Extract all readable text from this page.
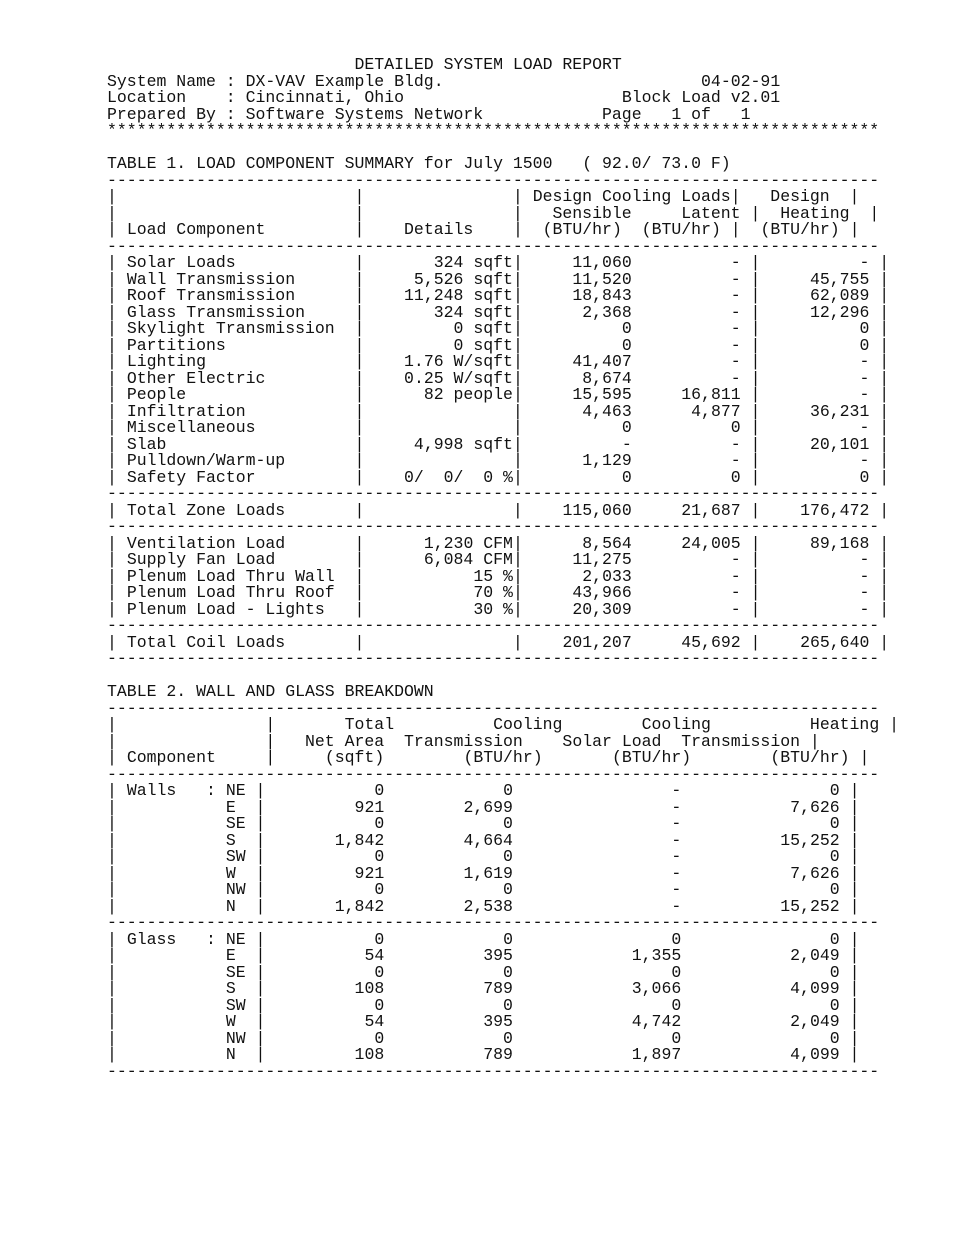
DETAILED SYSTEM LOAD REPORT
System Name : DX-VAV Example Bldg.	04-02-91
Location    : Cincinnati, Ohio	Block Load v2.01
Prepared By : Software Systems Network	Page 1 of 1
******************************************************************************
TABLE 1. LOAD COMPONENT SUMMARY for July 1500 ( 92.0/ 73.0 F)
------------------------------------------------------------------------------
|                        |               | Design Cooling Loads|   Design  |
|                        |               |   Sensible	Latent |  Heating  |
| Load Component	|    Details |  (BTU/hr) (BTU/hr) |  (BTU/hr) |
------------------------------------------------------------------------------
| Solar Loads	|	324 sqft|	11,060	- |	- |
| Wall Transmission	|	5,526 sqft|	11,520	- |	45,755 |
| Roof Transmission	| 11,248 sqft|	18,843	- |	62,089 |
| Glass Transmission	|	324 sqft|	2,368	- |	12,296 |
| Skylight Transmission |	0 sqft|	0	- |	0 |
| Partitions	|	0 sqft|	0	- |	0 |
| Lighting	| 1.76 W/sqft|	41,407	- |	- |
| Other Electric	| 0.25 W/sqft|	8,674	- |	- |
| People	|	82 people|	15,595	16,811 |	- |
| Infiltration	|	|	4,463	4,877 |	36,231 |
| Miscellaneous	|	|	0	0 |	- |
| Slab	|	4,998 sqft|	-	- |	20,101 |
| Pulldown/Warm-up	|	|	1,129	- |	- |
| Safety Factor	| 0/  0/  0 %|	0	0 |	0 |
------------------------------------------------------------------------------
| Total Zone Loads	|               | 115,060	21,687 | 176,472 |
------------------------------------------------------------------------------
| Ventilation Load	|	1,230 CFM|	8,564	24,005 |	89,168 |
| Supply Fan Load	|	6,084 CFM|	11,275	- |	- |
| Plenum Load Thru Wall |	15 %|	2,033	- |	- |
| Plenum Load Thru Roof |	70 %|	43,966	- |	- |
| Plenum Load - Lights |	30 %|	20,309	- |	- |
------------------------------------------------------------------------------
| Total Coil Loads	|               | 201,207	45,692 | 265,640 |
------------------------------------------------------------------------------
TABLE 2. WALL AND GLASS BREAKDOWN
------------------------------------------------------------------------------
|               |       Total	Cooling	Cooling	Heating |
|               |   Net Area Transmission Solar Load Transmission |
| Component	|     (sqft)	(BTU/hr)	(BTU/hr)	(BTU/hr) |
------------------------------------------------------------------------------
| Walls : NE |	0	0	-	0 |
|	E |	921	2,699	-	7,626 |
|	SE |	0	0	-	0 |
|	S |	1,842	4,664	-	15,252 |
|	SW |	0	0	-	0 |
|	W |	921	1,619	-	7,626 |
|	NW |	0	0	-	0 |
|	N |	1,842	2,538	-	15,252 |
------------------------------------------------------------------------------
| Glass : NE |	0	0	0	0 |
|	E |	54	395	1,355	2,049 |
|	SE |	0	0	0	0 |
|	S |	108	789	3,066	4,099 |
|	SW |	0	0	0	0 |
|	W |	54	395	4,742	2,049 |
|	NW |	0	0	0	0 |
|	N |	108	789	1,897	4,099 |
------------------------------------------------------------------------------
